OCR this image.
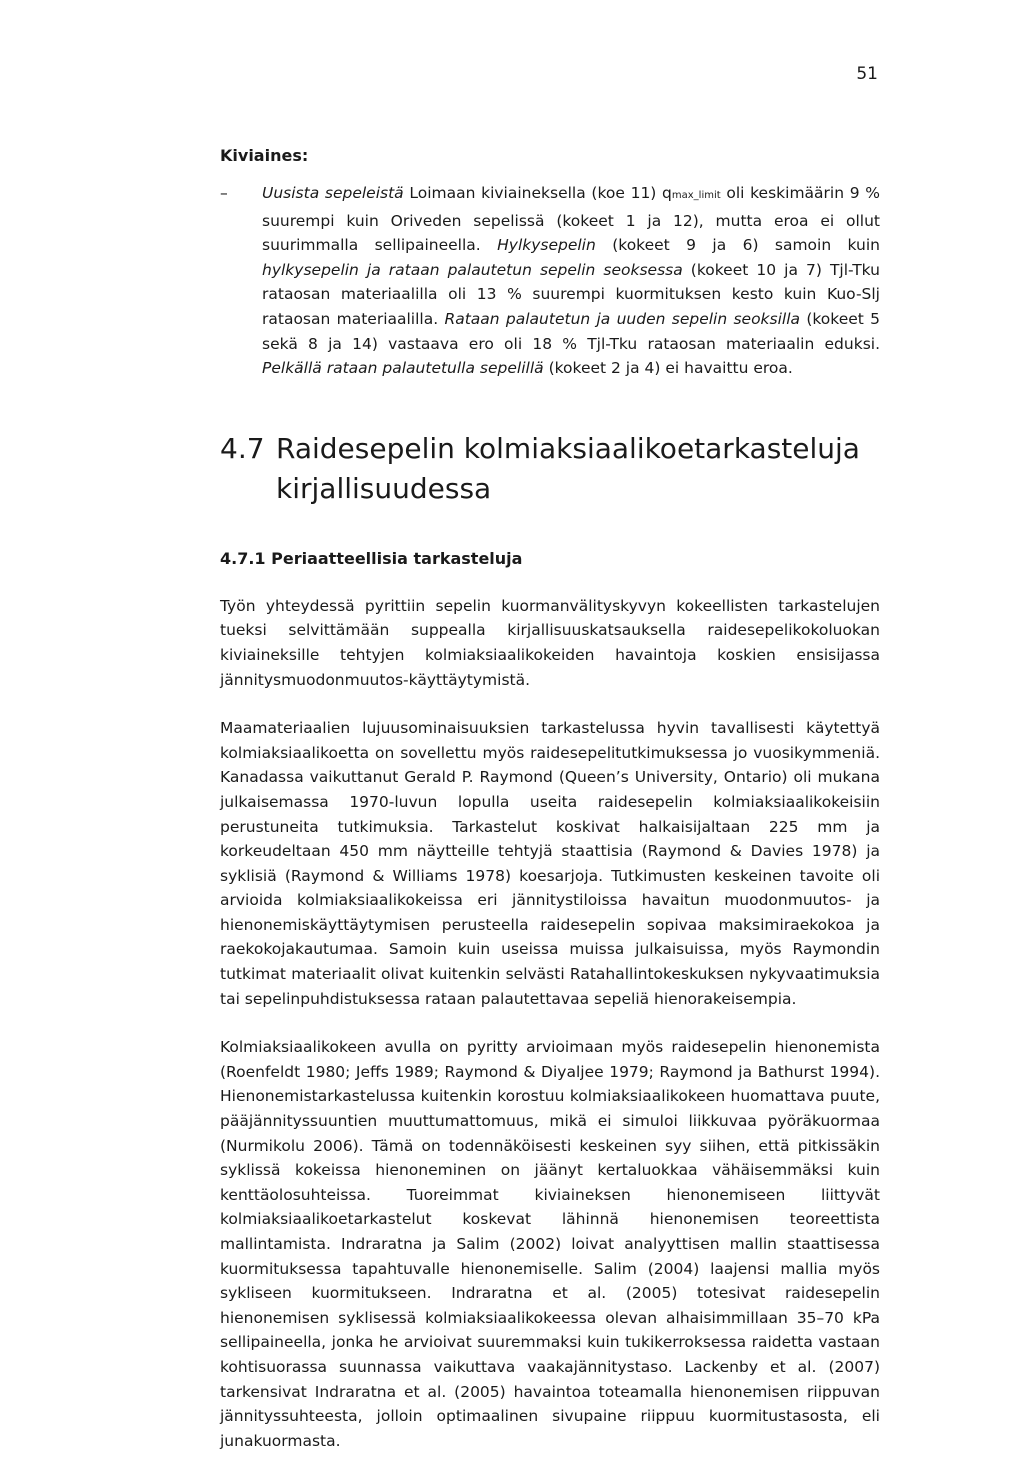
51
Kiviaines:
– Uusista sepeleistä Loimaan kiviaineksella (koe 11) qmax_limit oli keskimäärin 9 % suurempi kuin Oriveden sepelissä (kokeet 1 ja 12), mutta eroa ei ollut suurimmalla sellipaineella. Hylkysepelin (kokeet 9 ja 6) samoin kuin hylkysepelin ja rataan palautetun sepelin seoksessa (kokeet 10 ja 7) Tjl-Tku rataosan materiaalilla oli 13 % suurempi kuormituksen kesto kuin Kuo-Slj rataosan materiaalilla. Rataan palautetun ja uuden sepelin seoksilla (kokeet 5 sekä 8 ja 14) vastaava ero oli 18 % Tjl-Tku rataosan materiaalin eduksi. Pelkällä rataan palautetulla sepelillä (kokeet 2 ja 4) ei havaittu eroa.
4.7 Raidesepelin kolmiaksiaalikoetarkasteluja kirjallisuudessa
4.7.1 Periaatteellisia tarkasteluja

Työn yhteydessä pyrittiin sepelin kuormanvälityskyvyn kokeellisten tarkastelujen tueksi selvittämään suppealla kirjallisuuskatsauksella raidesepelikokoluokan kiviaineksille tehtyjen kolmiaksiaalikokeiden havaintoja koskien ensisijassa jännitysmuodonmuutos-käyttäytymistä.

Maamateriaalien lujuusominaisuuksien tarkastelussa hyvin tavallisesti käytettyä kolmiaksiaalikoetta on sovellettu myös raidesepelitutkimuksessa jo vuosikymmeniä. Kanadassa vaikuttanut Gerald P. Raymond (Queen’s University, Ontario) oli mukana julkaisemassa 1970-luvun lopulla useita raidesepelin kolmiaksiaalikokeisiin perustuneita tutkimuksia. Tarkastelut koskivat halkaisijaltaan 225 mm ja korkeudeltaan 450 mm näytteille tehtyjä staattisia (Raymond & Davies 1978) ja syklisiä (Raymond & Williams 1978) koesarjoja. Tutkimusten keskeinen tavoite oli arvioida kolmiaksiaalikokeissa eri jännitystiloissa havaitun muodonmuutos- ja hienonemiskäyttäytymisen perusteella raidesepelin sopivaa maksimiraekokoa ja raekokojakautumaa. Samoin kuin useissa muissa julkaisuissa, myös Raymondin tutkimat materiaalit olivat kuitenkin selvästi Ratahallintokeskuksen nykyvaatimuksia tai sepelinpuhdistuksessa rataan palautettavaa sepeliä hienorakeisempia.

Kolmiaksiaalikokeen avulla on pyritty arvioimaan myös raidesepelin hienonemista (Roenfeldt 1980; Jeffs 1989; Raymond & Diyaljee 1979; Raymond ja Bathurst 1994). Hienonemistarkastelussa kuitenkin korostuu kolmiaksiaalikokeen huomattava puute, pääjännityssuuntien muuttumattomuus, mikä ei simuloi liikkuvaa pyöräkuormaa (Nurmikolu 2006). Tämä on todennäköisesti keskeinen syy siihen, että pitkissäkin syklissä kokeissa hienoneminen on jäänyt kertaluokkaa vähäisemmäksi kuin kenttäolosuhteissa. Tuoreimmat kiviaineksen hienonemiseen liittyvät kolmiaksiaalikoetarkastelut koskevat lähinnä hienonemisen teoreettista mallintamista. Indraratna ja Salim (2002) loivat analyyttisen mallin staattisessa kuormituksessa tapahtuvalle hienonemiselle. Salim (2004) laajensi mallia myös sykliseen kuormitukseen. Indraratna et al. (2005) totesivat raidesepelin hienonemisen syklisessä kolmiaksiaalikokeessa olevan alhaisimmillaan 35–70 kPa sellipaineella, jonka he arvioivat suuremmaksi kuin tukikerroksessa raidetta vastaan kohtisuorassa suunnassa vaikuttava vaakajännitystaso. Lackenby et al. (2007) tarkensivat Indraratna et al. (2005) havaintoa toteamalla hienonemisen riippuvan jännityssuhteesta, jolloin optimaalinen sivupaine riippuu kuormitustasosta, eli junakuormasta.
